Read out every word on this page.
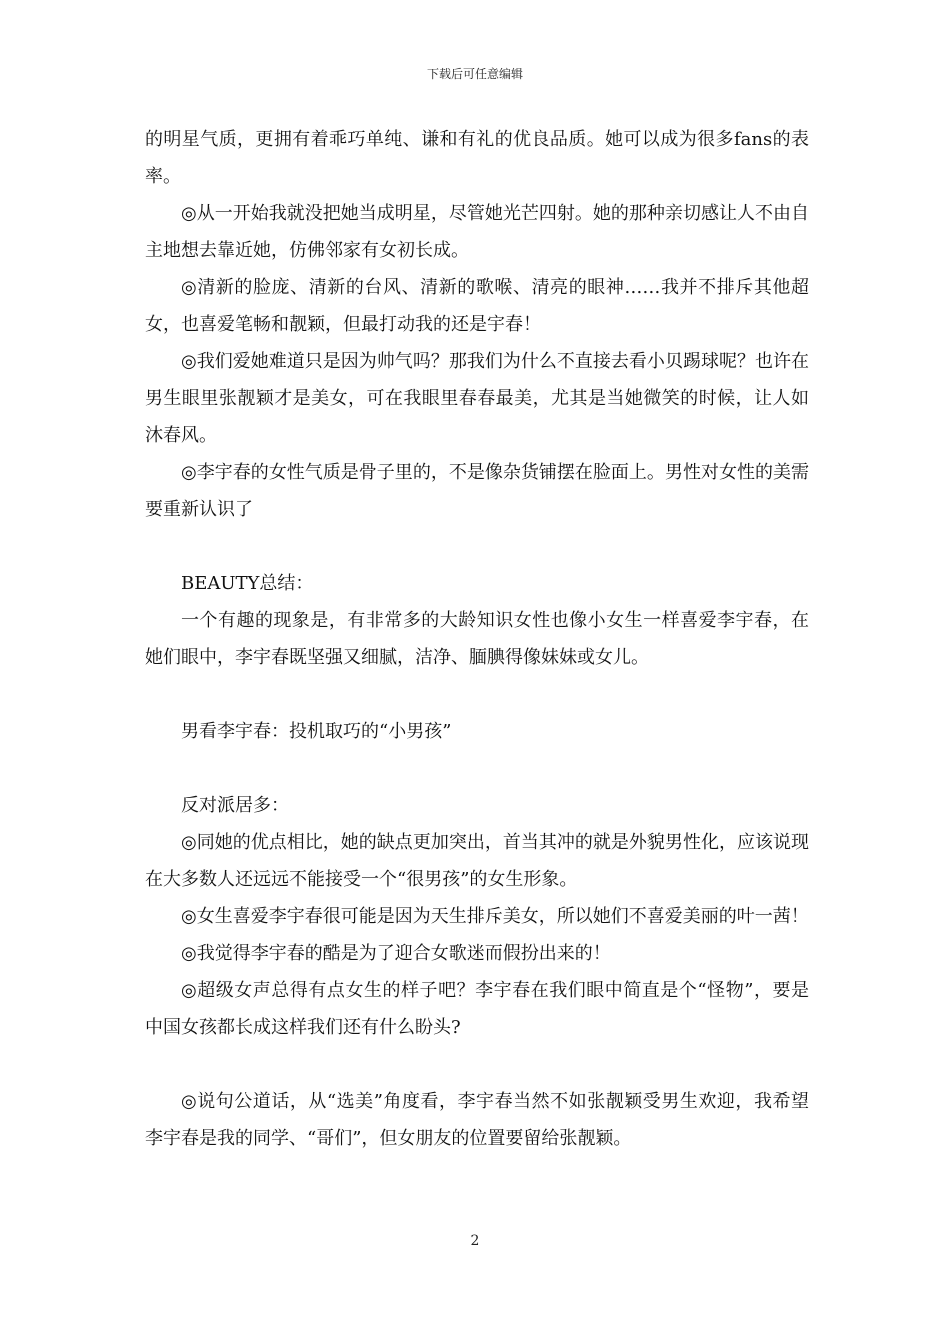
下载后可任意编辑

的明星气质，更拥有着乖巧单纯、谦和有礼的优良品质。她可以成为很多fans的表率。

◎从一开始我就没把她当成明星，尽管她光芒四射。她的那种亲切感让人不由自主地想去靠近她，仿佛邻家有女初长成。

◎清新的脸庞、清新的台风、清新的歌喉、清亮的眼神……我并不排斥其他超女，也喜爱笔畅和靓颖，但最打动我的还是宇春！

◎我们爱她难道只是因为帅气吗？那我们为什么不直接去看小贝踢球呢？也许在男生眼里张靓颖才是美女，可在我眼里春春最美，尤其是当她微笑的时候，让人如沐春风。

◎李宇春的女性气质是骨子里的，不是像杂货铺摆在脸面上。男性对女性的美需要重新认识了

BEAUTY总结：

一个有趣的现象是，有非常多的大龄知识女性也像小女生一样喜爱李宇春，在她们眼中，李宇春既坚强又细腻，洁净、腼腆得像妹妹或女儿。

男看李宇春：投机取巧的“小男孩”

反对派居多：

◎同她的优点相比，她的缺点更加突出，首当其冲的就是外貌男性化，应该说现在大多数人还远远不能接受一个“很男孩”的女生形象。

◎女生喜爱李宇春很可能是因为天生排斥美女，所以她们不喜爱美丽的叶一茜！

◎我觉得李宇春的酷是为了迎合女歌迷而假扮出来的！

◎超级女声总得有点女生的样子吧？李宇春在我们眼中简直是个“怪物”，要是中国女孩都长成这样我们还有什么盼头?

◎说句公道话，从“选美”角度看，李宇春当然不如张靓颖受男生欢迎，我希望李宇春是我的同学、“哥们”，但女朋友的位置要留给张靓颖。

2
